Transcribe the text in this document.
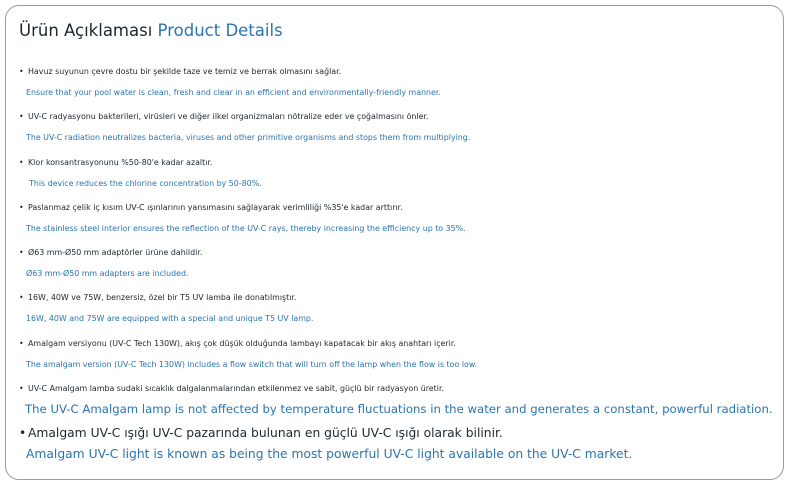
Ürün Açıklaması Product Details
• Havuz suyunun çevre dostu bir şekilde taze ve temiz ve berrak olmasını sağlar.
Ensure that your pool water is clean, fresh and clear in an efficient and environmentally-friendly manner.
• UV-C radyasyonu bakterileri, virüsleri ve diğer ilkel organizmaları nötralize eder ve çoğalmasını önler.
The UV-C radiation neutralizes bacteria, viruses and other primitive organisms and stops them from multiplying.
• Klor konsantrasyonunu %50-80'e kadar azaltır.
This device reduces the chlorine concentration by 50-80%.
• Paslanmaz çelik iç kısım UV-C ışınlarının yansımasını sağlayarak verimliliği %35'e kadar arttırır.
The stainless steel interior ensures the reflection of the UV-C rays, thereby increasing the efficiency up to 35%.
• Ø63 mm-Ø50 mm adaptörler ürüne dahildir.
Ø63 mm-Ø50 mm adapters are included.
• 16W, 40W ve 75W, benzersiz, özel bir T5 UV lamba ile donatılmıştır.
16W, 40W and 75W are equipped with a special and unique T5 UV lamp.
• Amalgam versiyonu (UV-C Tech 130W), akış çok düşük olduğunda lambayı kapatacak bir akış anahtarı içerir.
The amalgam version (UV-C Tech 130W) includes a flow switch that will turn off the lamp when the flow is too low.
• UV-C Amalgam lamba sudaki sıcaklık dalgalanmalarından etkilenmez ve sabit, güçlü bir radyasyon üretir.
The UV-C Amalgam lamp is not affected by temperature fluctuations in the water and generates a constant, powerful radiation.
• Amalgam UV-C ışığı UV-C pazarında bulunan en güçlü UV-C ışığı olarak bilinir.
Amalgam UV-C light is known as being the most powerful UV-C light available on the UV-C market.
